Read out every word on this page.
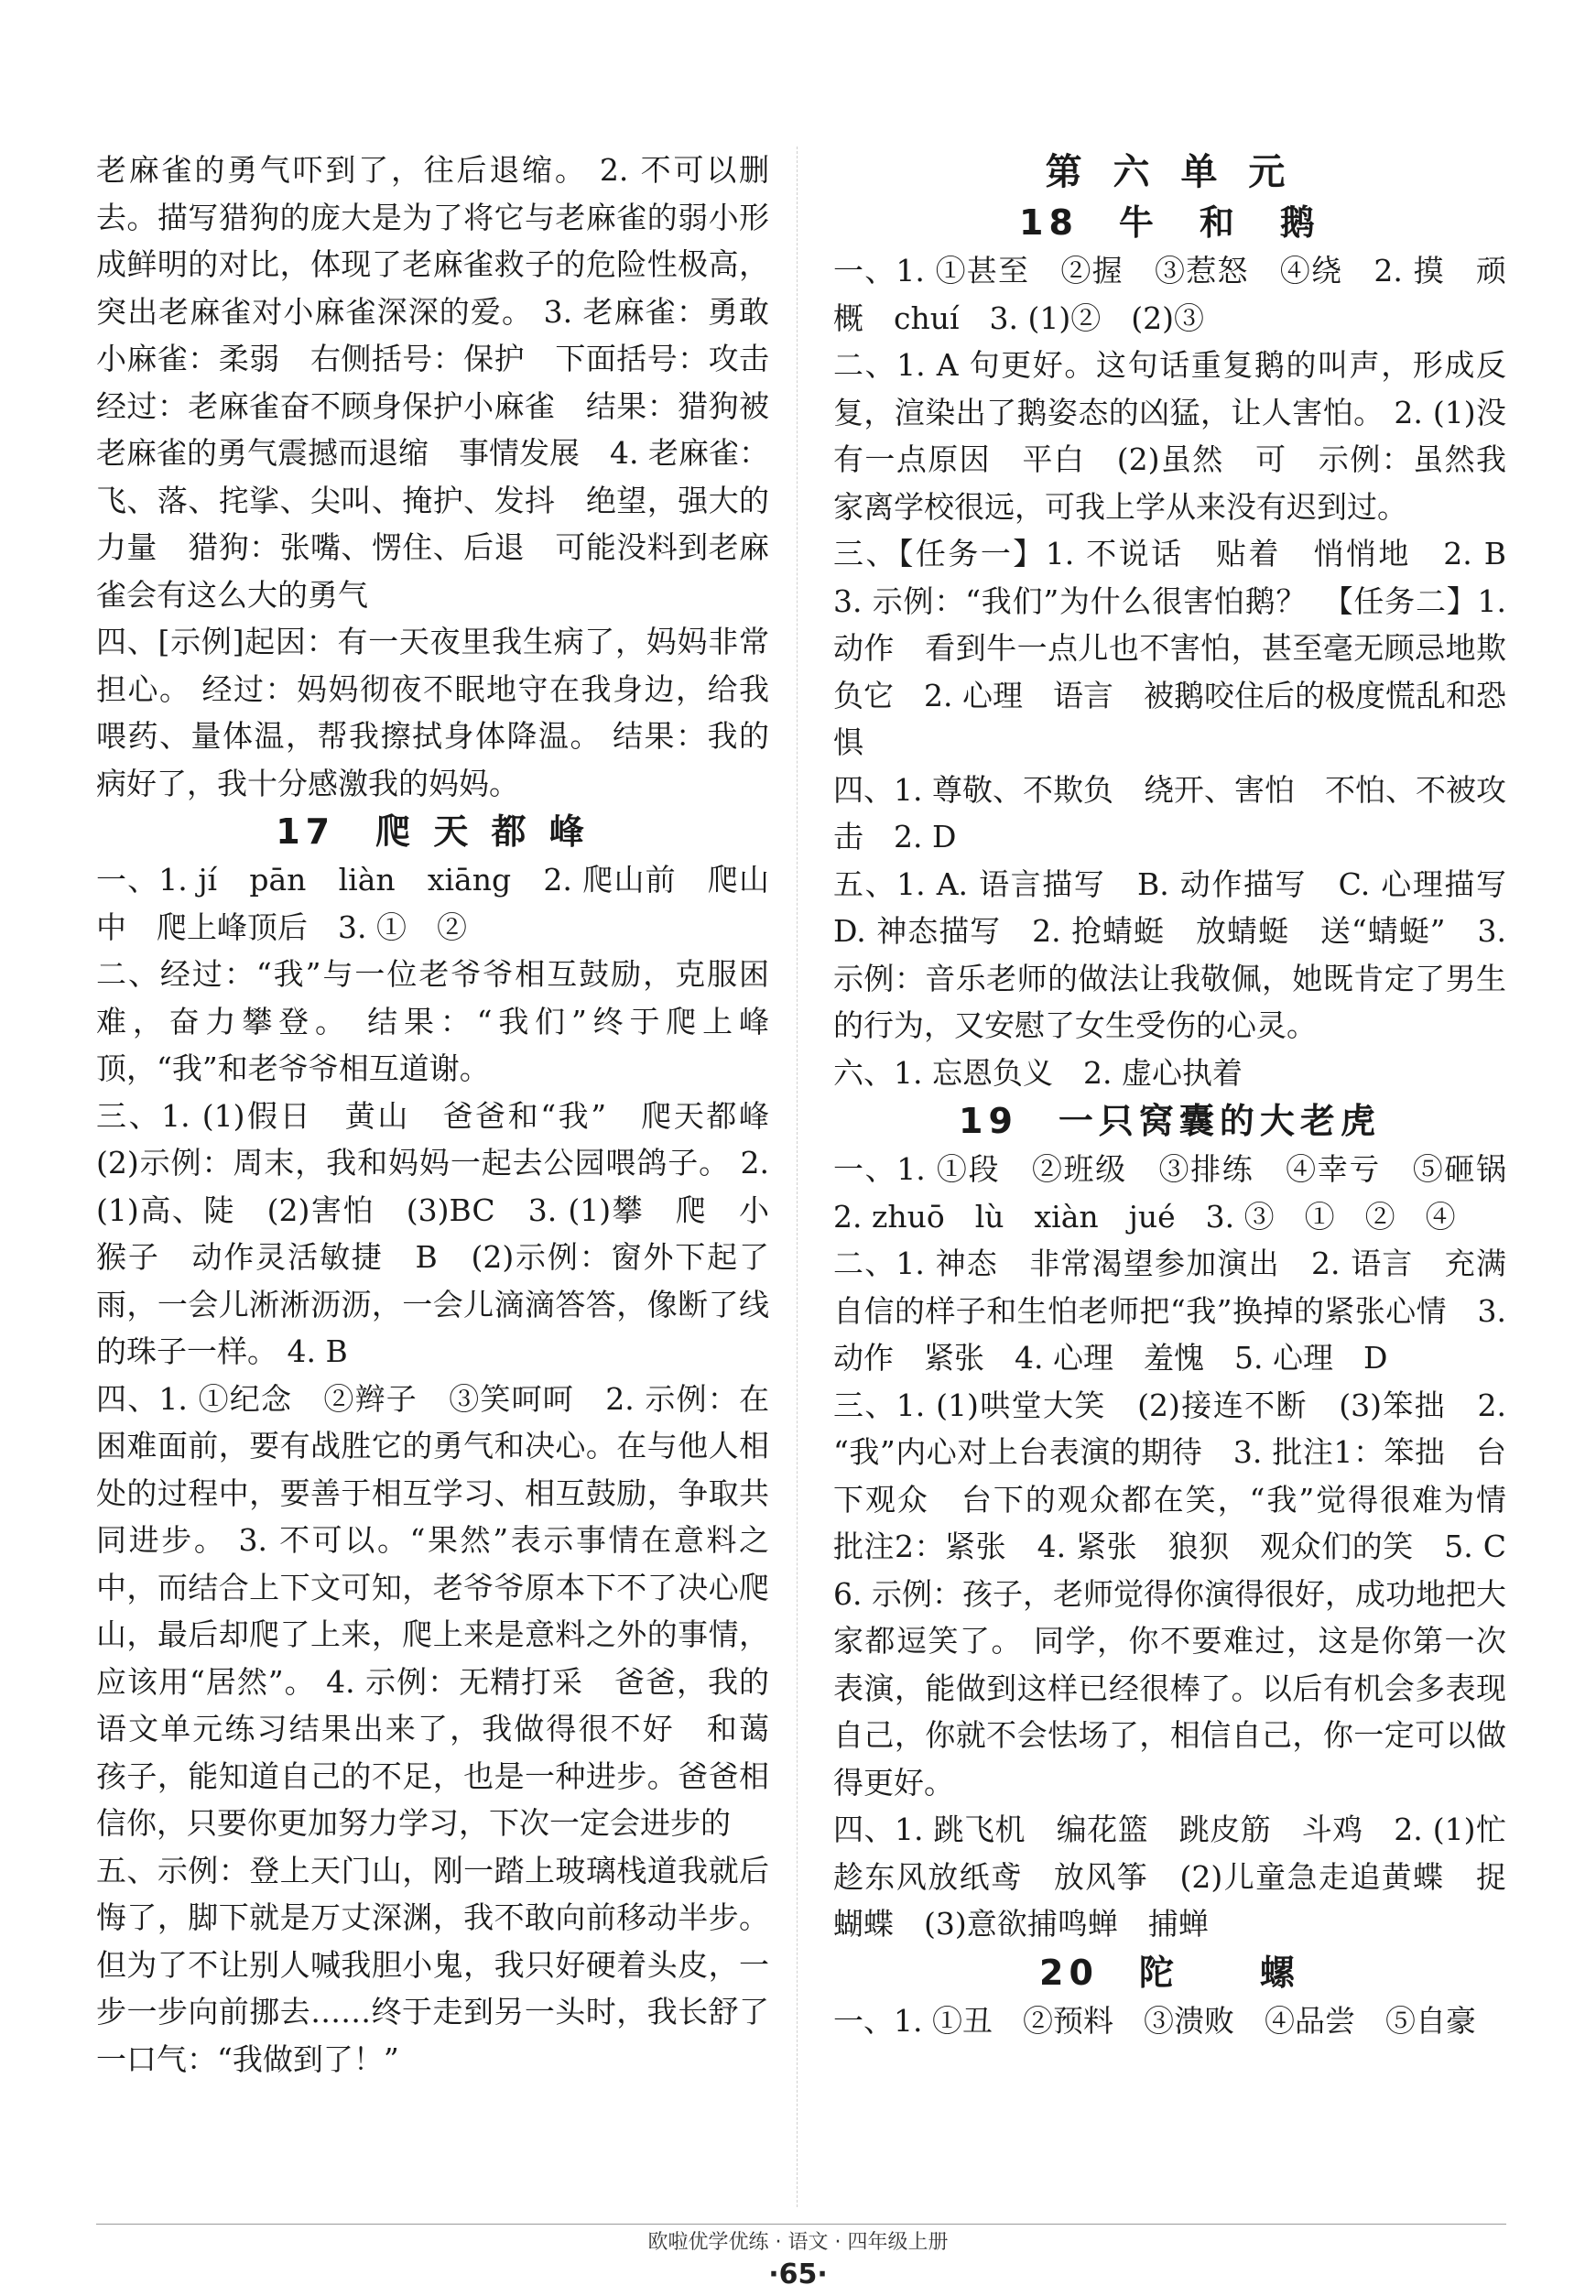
老麻雀的勇气吓到了，往后退缩。 2. 不可以删去。描写猎狗的庞大是为了将它与老麻雀的弱小形成鲜明的对比，体现了老麻雀救子的危险性极高，突出老麻雀对小麻雀深深的爱。 3. 老麻雀：勇敢　小麻雀：柔弱　右侧括号：保护　下面括号：攻击　经过：老麻雀奋不顾身保护小麻雀　结果：猎狗被老麻雀的勇气震撼而退缩　事情发展　4. 老麻雀：飞、落、挓挲、尖叫、掩护、发抖　绝望，强大的力量　猎狗：张嘴、愣住、后退　可能没料到老麻雀会有这么大的勇气

四、[示例]起因：有一天夜里我生病了，妈妈非常担心。 经过：妈妈彻夜不眠地守在我身边，给我喂药、量体温，帮我擦拭身体降温。 结果：我的病好了，我十分感激我的妈妈。

17　爬 天 都 峰

一、1. jí　pān　liàn　xiāng　2. 爬山前　爬山中　爬上峰顶后　3. ①　②

二、经过：“我”与一位老爷爷相互鼓励，克服困难，奋力攀登。 结果：“我们”终于爬上峰顶，“我”和老爷爷相互道谢。

三、1. (1)假日　黄山　爸爸和“我”　爬天都峰　(2)示例：周末，我和妈妈一起去公园喂鸽子。 2. (1)高、陡　(2)害怕　(3)BC　3. (1)攀　爬　小猴子　动作灵活敏捷　B　(2)示例：窗外下起了雨，一会儿淅淅沥沥，一会儿滴滴答答，像断了线的珠子一样。 4. B

四、1. ①纪念　②辫子　③笑呵呵　2. 示例：在困难面前，要有战胜它的勇气和决心。在与他人相处的过程中，要善于相互学习、相互鼓励，争取共同进步。 3. 不可以。“果然”表示事情在意料之中，而结合上下文可知，老爷爷原本下不了决心爬山，最后却爬了上来，爬上来是意料之外的事情，应该用“居然”。 4. 示例：无精打采　爸爸，我的语文单元练习结果出来了，我做得很不好　和蔼　孩子，能知道自己的不足，也是一种进步。爸爸相信你，只要你更加努力学习，下次一定会进步的

五、示例：登上天门山，刚一踏上玻璃栈道我就后悔了，脚下就是万丈深渊，我不敢向前移动半步。但为了不让别人喊我胆小鬼，我只好硬着头皮，一步一步向前挪去……终于走到另一头时，我长舒了一口气：“我做到了！”

第 六 单 元
18　牛　和　鹅

一、1. ①甚至　②握　③惹怒　④绕　2. 摸　顽　概　chuí　3. (1)②　(2)③

二、1. A 句更好。这句话重复鹅的叫声，形成反复，渲染出了鹅姿态的凶猛，让人害怕。 2. (1)没有一点原因　平白　(2)虽然　可　示例：虽然我家离学校很远，可我上学从来没有迟到过。

三、【任务一】1. 不说话　贴着　悄悄地　2. B　3. 示例：“我们”为什么很害怕鹅？　【任务二】1. 动作　看到牛一点儿也不害怕，甚至毫无顾忌地欺负它　2. 心理　语言　被鹅咬住后的极度慌乱和恐惧

四、1. 尊敬、不欺负　绕开、害怕　不怕、不被攻击　2. D

五、1. A. 语言描写　B. 动作描写　C. 心理描写　D. 神态描写　2. 抢蜻蜓　放蜻蜓　送“蜻蜓”　3. 示例：音乐老师的做法让我敬佩，她既肯定了男生的行为，又安慰了女生受伤的心灵。

六、1. 忘恩负义　2. 虚心执着

19　一只窝囊的大老虎

一、1. ①段　②班级　③排练　④幸亏　⑤砸锅　2. zhuō　lù　xiàn　jué　3. ③　①　②　④

二、1. 神态　非常渴望参加演出　2. 语言　充满自信的样子和生怕老师把“我”换掉的紧张心情　3. 动作　紧张　4. 心理　羞愧　5. 心理　D

三、1. (1)哄堂大笑　(2)接连不断　(3)笨拙　2. “我”内心对上台表演的期待　3. 批注1：笨拙　台下观众　台下的观众都在笑，“我”觉得很难为情　批注2：紧张　4. 紧张　狼狈　观众们的笑　5. C　6. 示例：孩子，老师觉得你演得很好，成功地把大家都逗笑了。 同学，你不要难过，这是你第一次表演，能做到这样已经很棒了。以后有机会多表现自己，你就不会怯场了，相信自己，你一定可以做得更好。

四、1. 跳飞机　编花篮　跳皮筋　斗鸡　2. (1)忙趁东风放纸鸢　放风筝　(2)儿童急走追黄蝶　捉蝴蝶　(3)意欲捕鸣蝉　捕蝉

20　陀　　螺

一、1. ①丑　②预料　③溃败　④品尝　⑤自豪

欧啦优学优练 · 语文 · 四年级上册
·65·
